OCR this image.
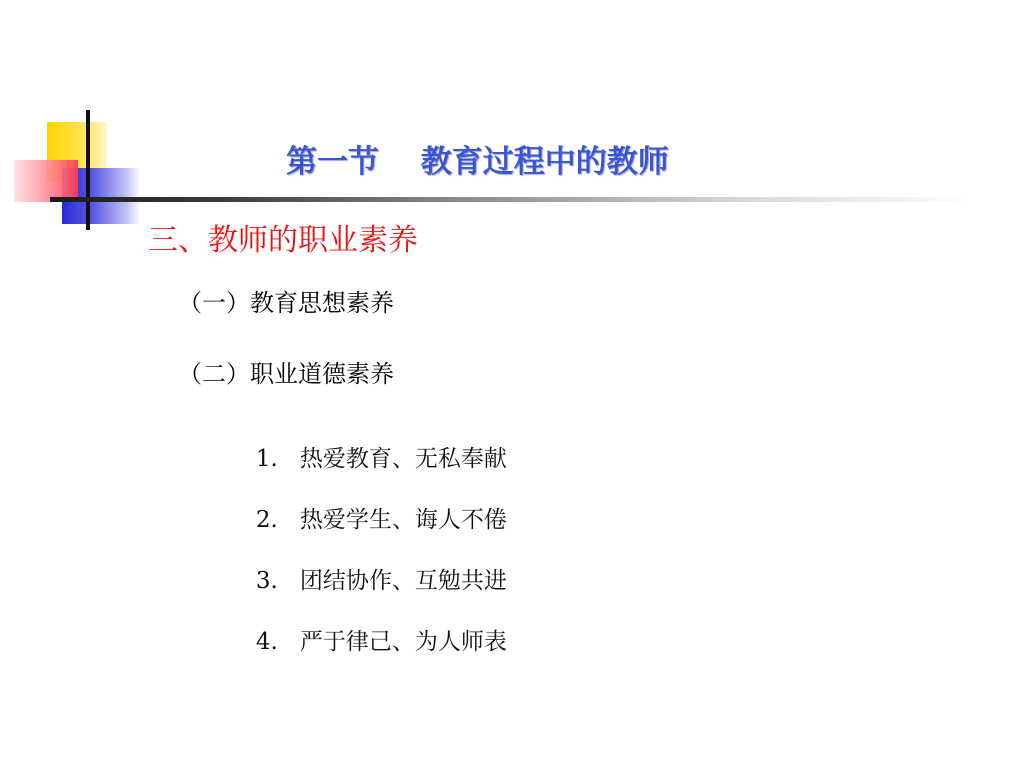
第一节　 教育过程中的教师
三、教师的职业素养
（一）教育思想素养
（二）职业道德素养

1. 热爱教育、无私奉献

2. 热爱学生、诲人不倦

3. 团结协作、互勉共进

4. 严于律己、为人师表
